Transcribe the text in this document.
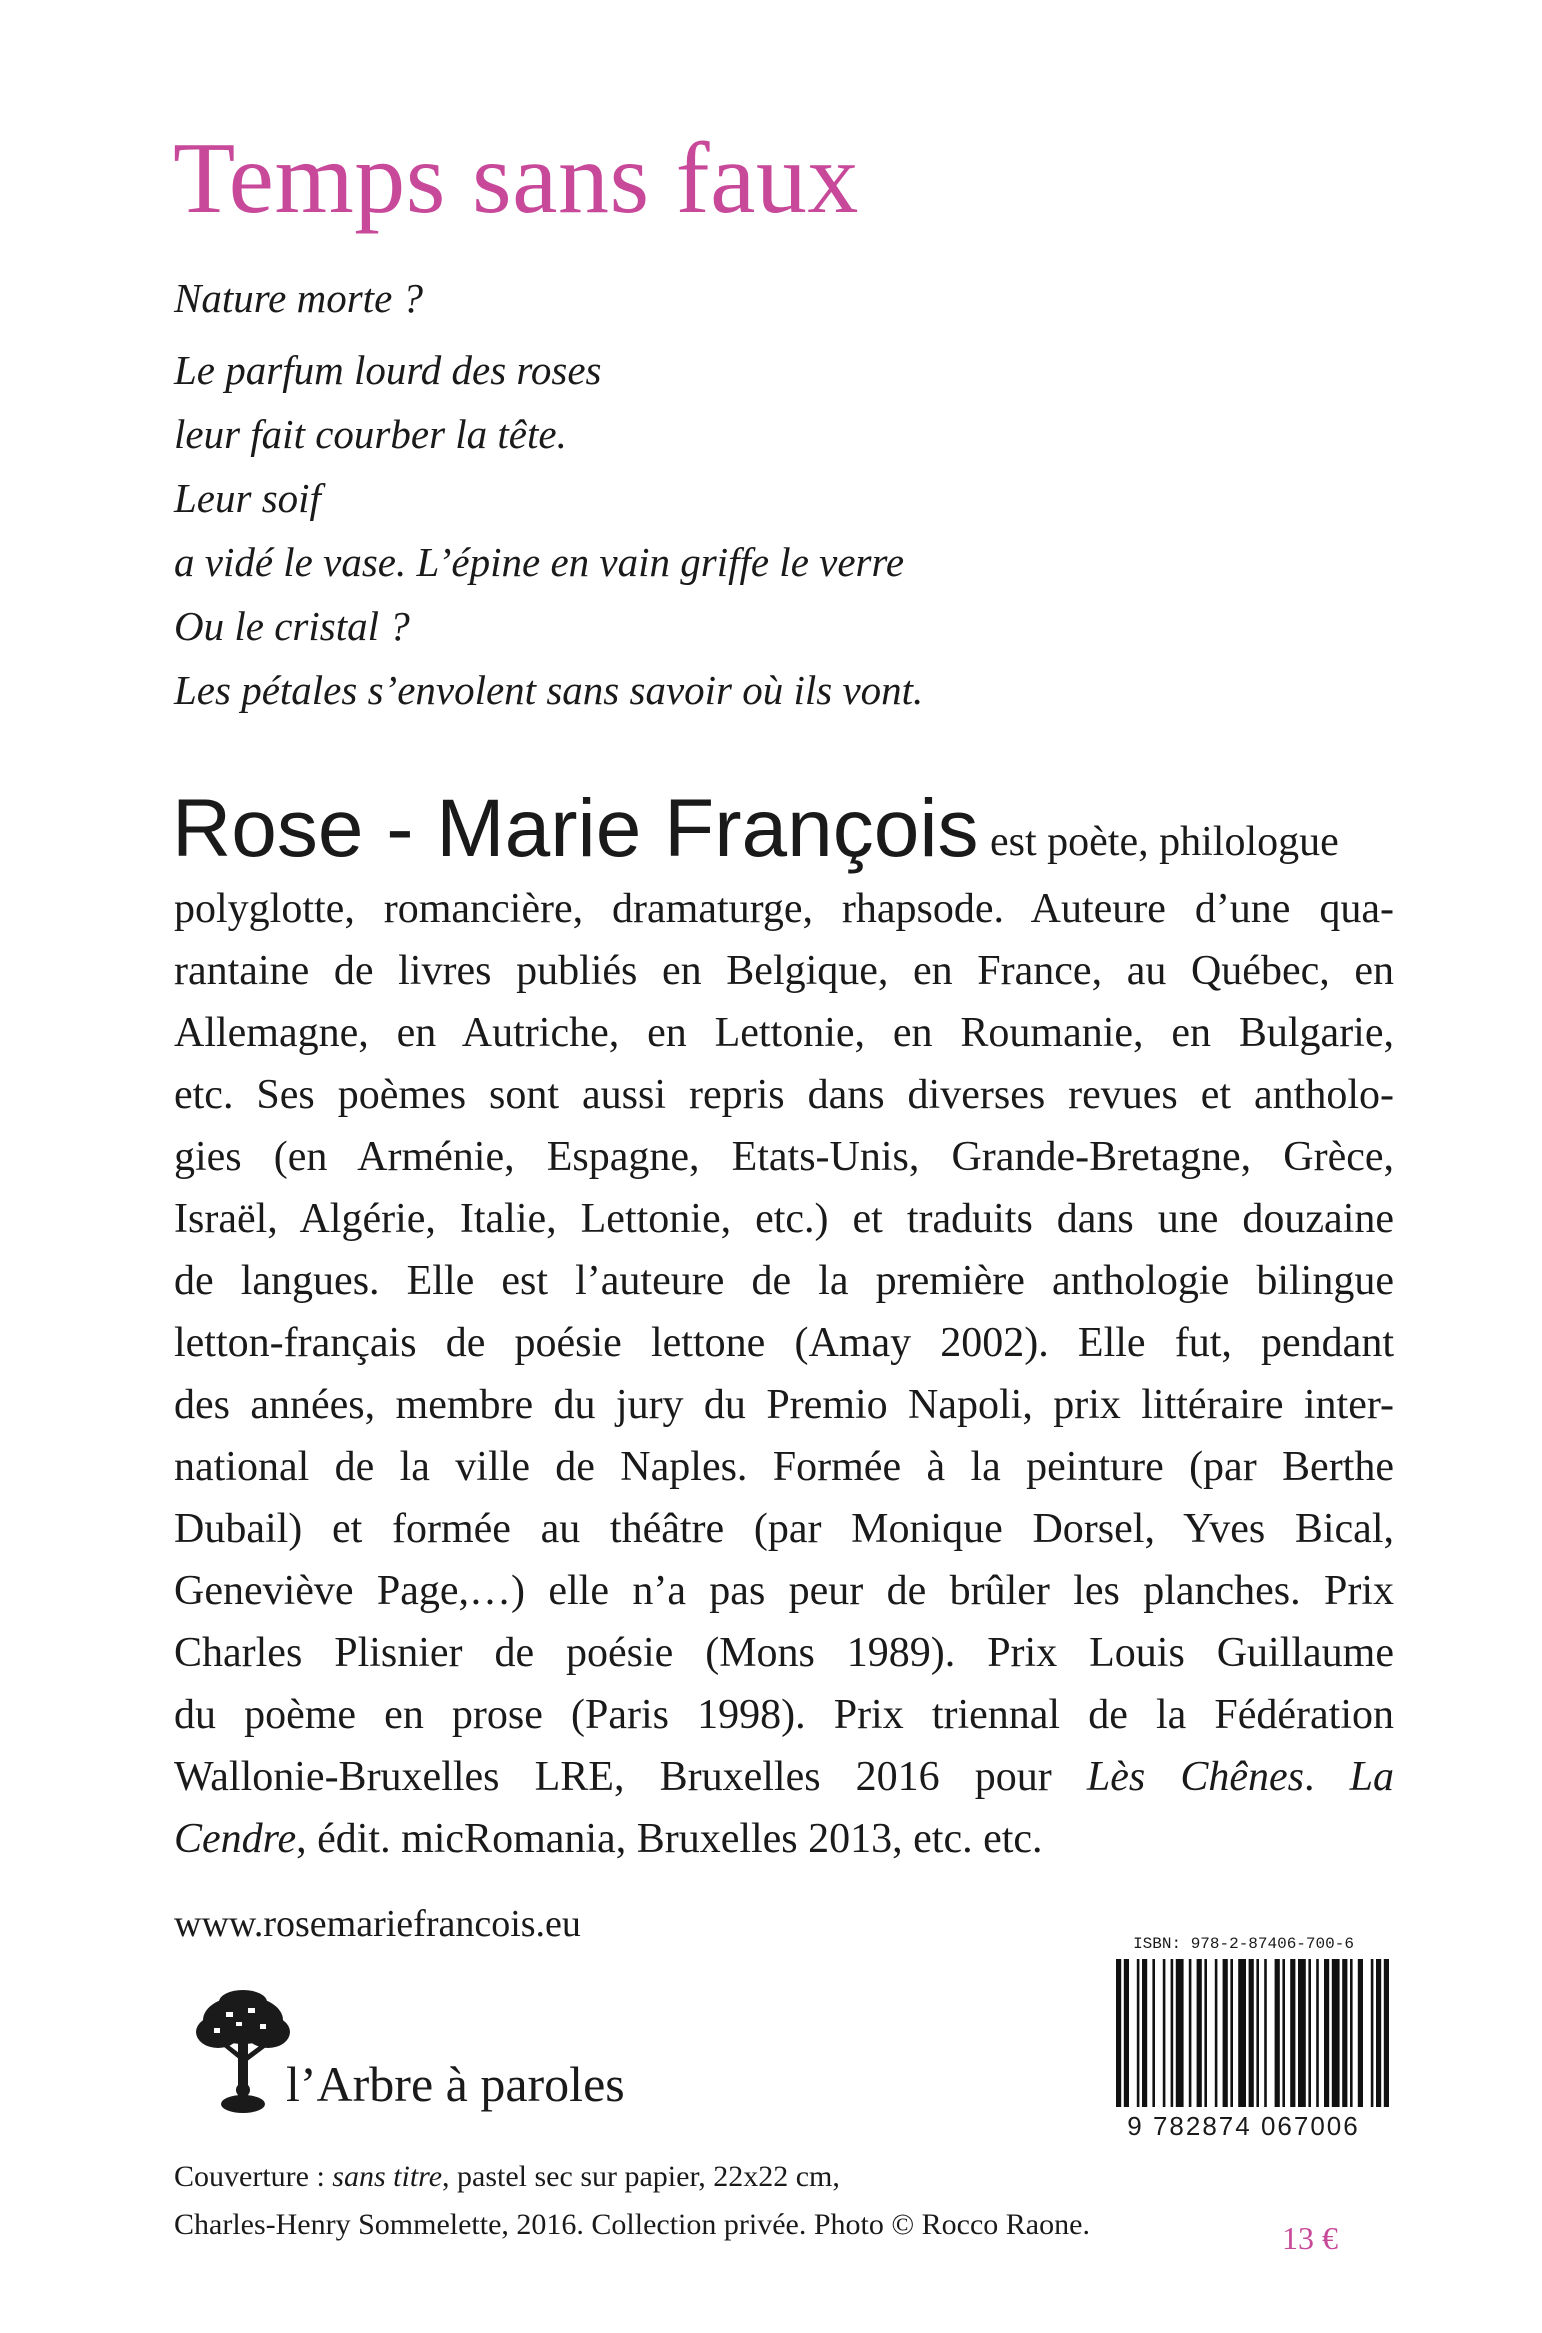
Temps sans faux
Nature morte ?
Le parfum lourd des roses
leur fait courber la tête.
Leur soif
a vidé le vase. L’épine en vain griffe le verre
Ou le cristal ?
Les pétales s’envolent sans savoir où ils vont.
Rose - Marie François est poète, philologue
polyglotte, romancière, dramaturge, rhapsode. Auteure d’une qua-
rantaine de livres publiés en Belgique, en France, au Québec, en
Allemagne, en Autriche, en Lettonie, en Roumanie, en Bulgarie,
etc. Ses poèmes sont aussi repris dans diverses revues et antholo-
gies (en Arménie, Espagne, Etats-Unis, Grande-Bretagne, Grèce,
Israël, Algérie, Italie, Lettonie, etc.) et traduits dans une douzaine
de langues. Elle est l’auteure de la première anthologie bilingue
letton-français de poésie lettone (Amay 2002). Elle fut, pendant
des années, membre du jury du Premio Napoli, prix littéraire inter-
national de la ville de Naples. Formée à la peinture (par Berthe
Dubail) et formée au théâtre (par Monique Dorsel, Yves Bical,
Geneviève Page,…) elle n’a pas peur de brûler les planches. Prix
Charles Plisnier de poésie (Mons 1989). Prix Louis Guillaume
du poème en prose (Paris 1998). Prix triennal de la Fédération
Wallonie-Bruxelles LRE, Bruxelles 2016 pour Lès Chênes. La
Cendre, édit. micRomania, Bruxelles 2013, etc. etc.
www.rosemariefrancois.eu
l’Arbre à paroles
Couverture : sans titre, pastel sec sur papier, 22x22 cm,
Charles-Henry Sommelette, 2016. Collection privée. Photo © Rocco Raone.	13 €
ISBN: 978-2-87406-700-6
9 782874 067006
